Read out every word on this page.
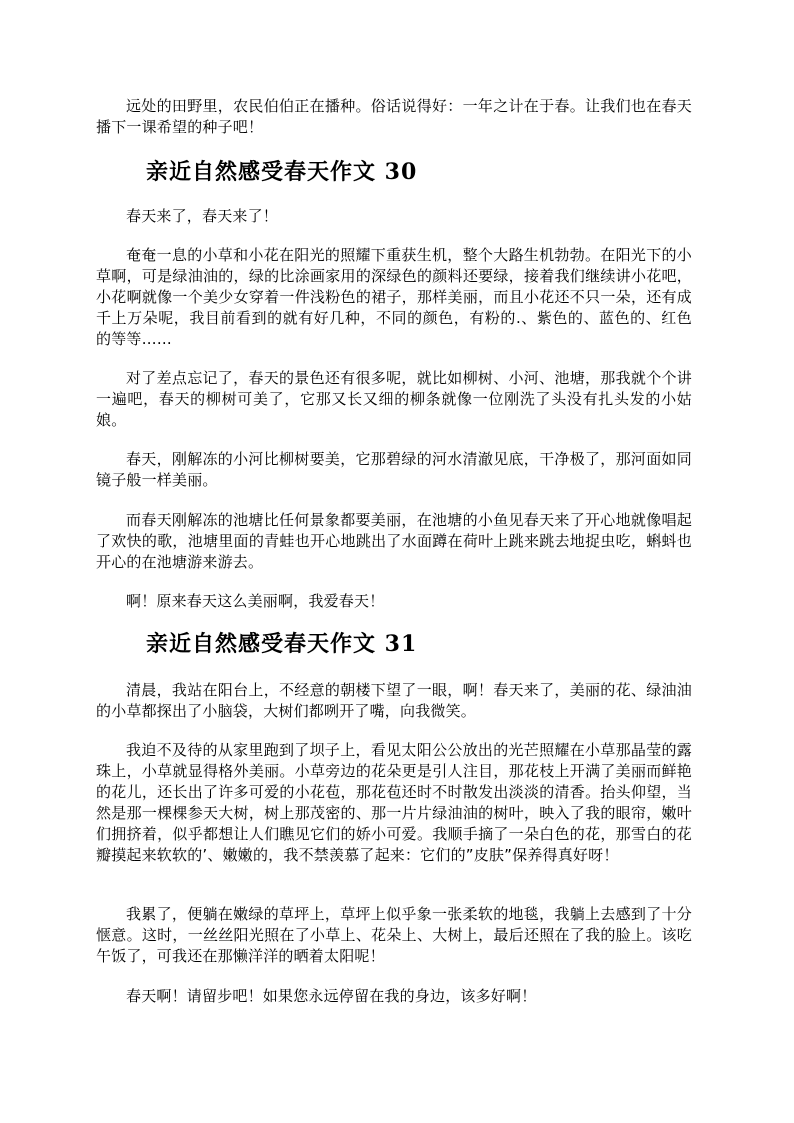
远处的田野里，农民伯伯正在播种。俗话说得好：一年之计在于春。让我们也在春天播下一课希望的种子吧！

亲近自然感受春天作文 30

春天来了，春天来了！

奄奄一息的小草和小花在阳光的照耀下重获生机，整个大路生机勃勃。在阳光下的小草啊，可是绿油油的，绿的比涂画家用的深绿色的颜料还要绿，接着我们继续讲小花吧，小花啊就像一个美少女穿着一件浅粉色的裙子，那样美丽，而且小花还不只一朵，还有成千上万朵呢，我目前看到的就有好几种，不同的颜色，有粉的.、紫色的、蓝色的、红色的等等……

对了差点忘记了，春天的景色还有很多呢，就比如柳树、小河、池塘，那我就个个讲一遍吧，春天的柳树可美了，它那又长又细的柳条就像一位刚洗了头没有扎头发的小姑娘。

春天，刚解冻的小河比柳树要美，它那碧绿的河水清澈见底，干净极了，那河面如同镜子般一样美丽。

而春天刚解冻的池塘比任何景象都要美丽，在池塘的小鱼见春天来了开心地就像唱起了欢快的歌，池塘里面的青蛙也开心地跳出了水面蹲在荷叶上跳来跳去地捉虫吃，蝌蚪也开心的在池塘游来游去。

啊！原来春天这么美丽啊，我爱春天！

亲近自然感受春天作文 31

清晨，我站在阳台上，不经意的朝楼下望了一眼，啊！春天来了，美丽的花、绿油油的小草都探出了小脑袋，大树们都咧开了嘴，向我微笑。

我迫不及待的从家里跑到了坝子上，看见太阳公公放出的光芒照耀在小草那晶莹的露珠上，小草就显得格外美丽。小草旁边的花朵更是引人注目，那花枝上开满了美丽而鲜艳的花儿，还长出了许多可爱的小花苞，那花苞还时不时散发出淡淡的清香。抬头仰望，当然是那一棵棵参天大树，树上那茂密的、那一片片绿油油的树叶，映入了我的眼帘，嫩叶们拥挤着，似乎都想让人们瞧见它们的娇小可爱。我顺手摘了一朵白色的花，那雪白的花瓣摸起来软软的’、嫩嫩的，我不禁羡慕了起来：它们的”皮肤”保养得真好呀！

我累了，便躺在嫩绿的草坪上，草坪上似乎象一张柔软的地毯，我躺上去感到了十分惬意。这时，一丝丝阳光照在了小草上、花朵上、大树上，最后还照在了我的脸上。该吃午饭了，可我还在那懒洋洋的晒着太阳呢！

春天啊！请留步吧！如果您永远停留在我的身边，该多好啊！
